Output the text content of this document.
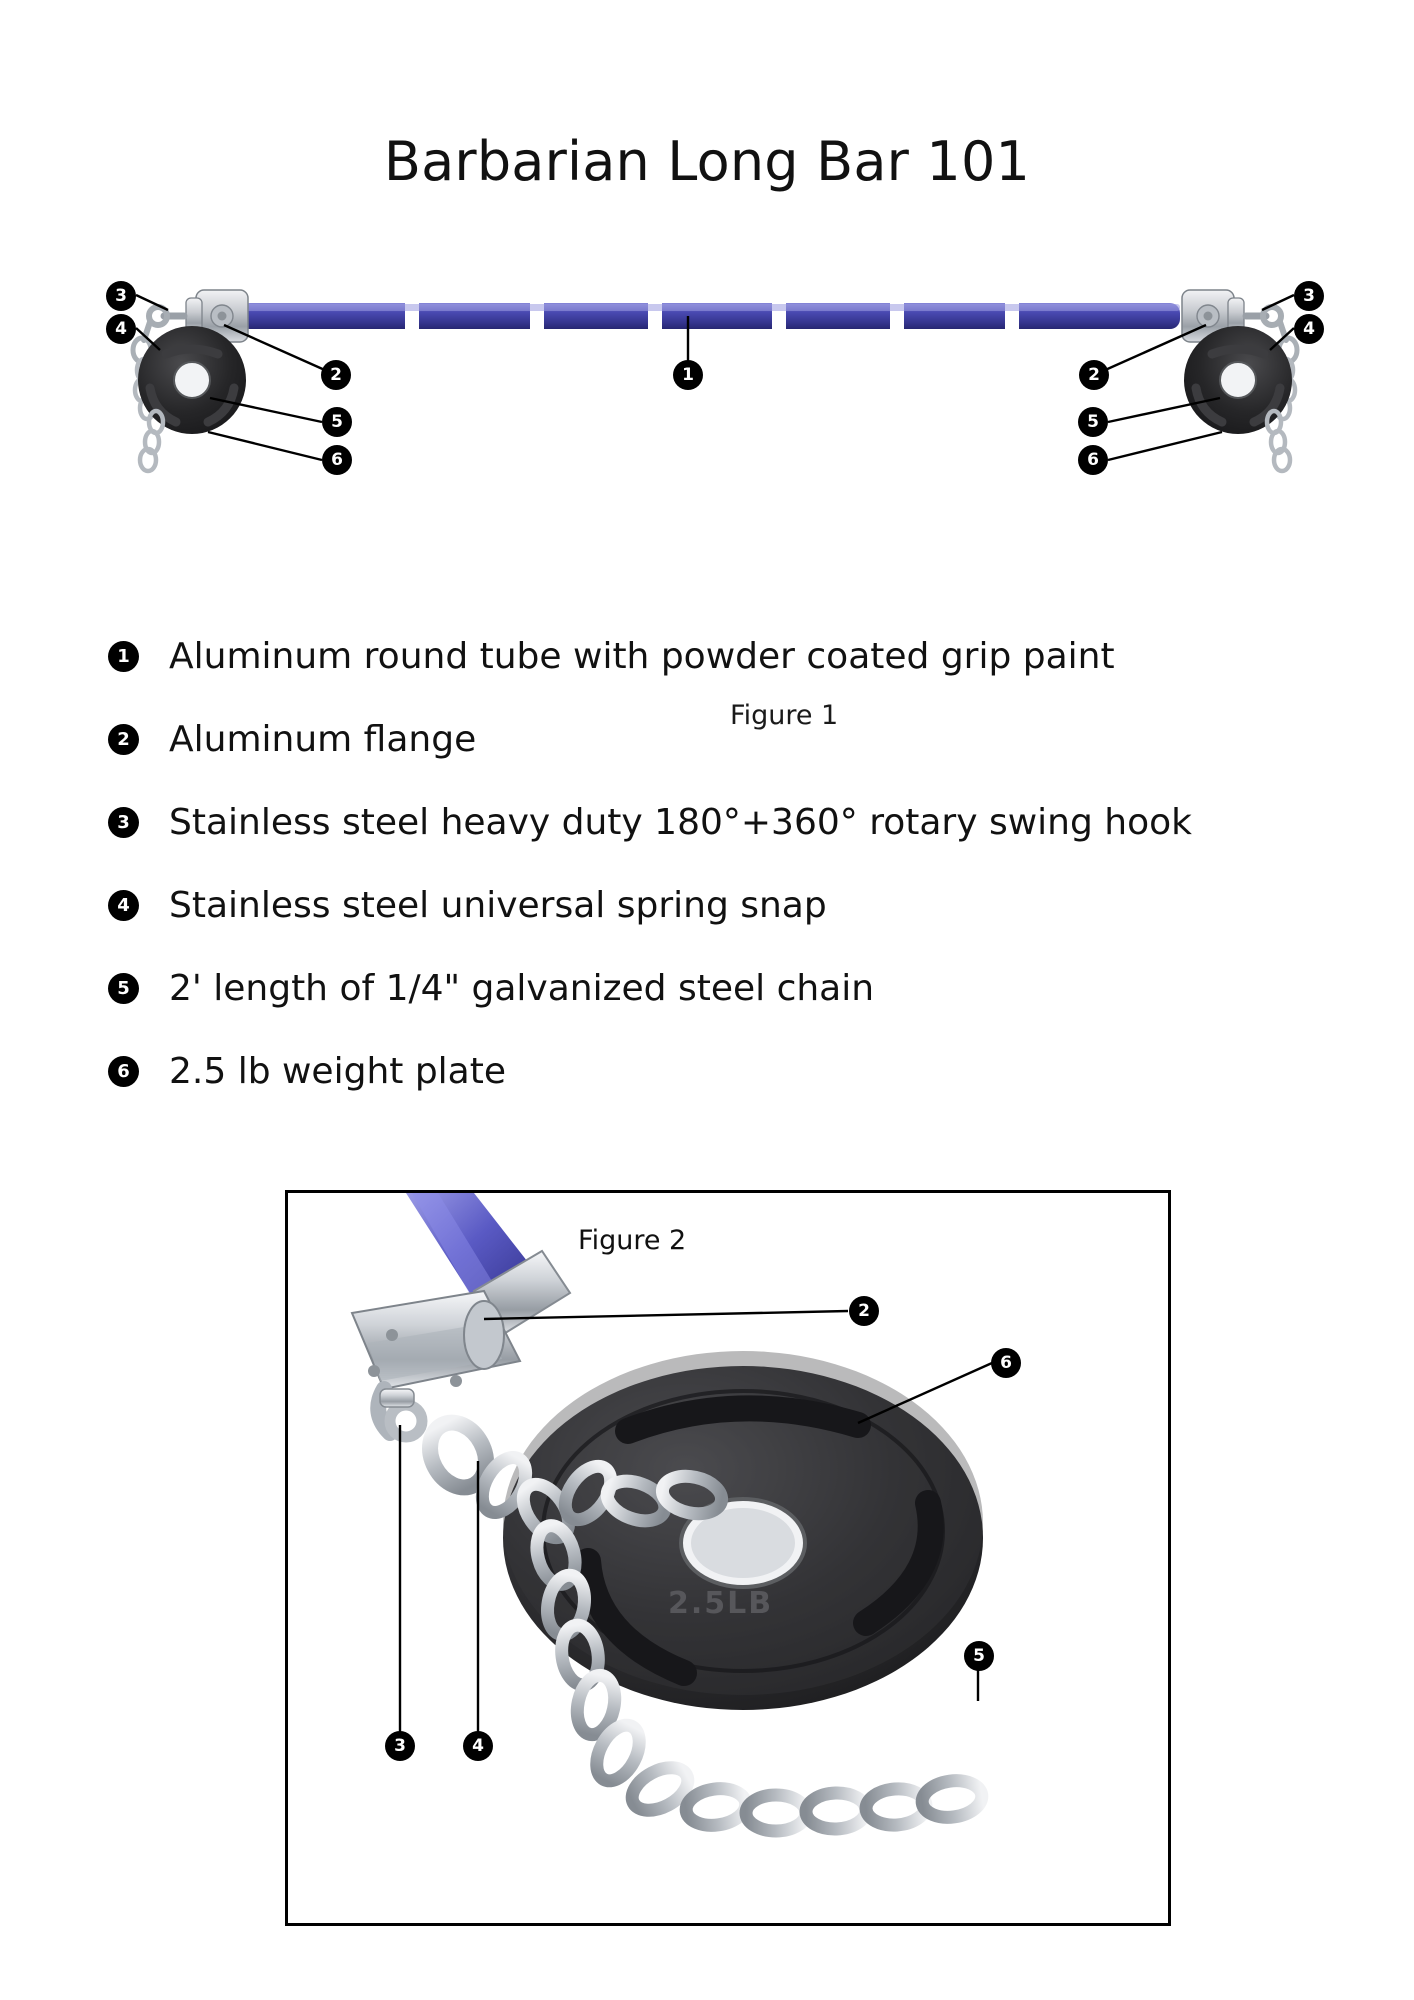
Barbarian Long Bar 101
1
2	2
3	3
4	4
5	5
6	6
Figure 1
1 Aluminum round tube with powder coated grip paint
2 Aluminum flange
3 Stainless steel heavy duty 180°+360° rotary swing hook
4 Stainless steel universal spring snap
5 2' length of 1/4" galvanized steel chain
6 2.5 lb weight plate
2.5LB
Figure 2
2
6
5
3	4
